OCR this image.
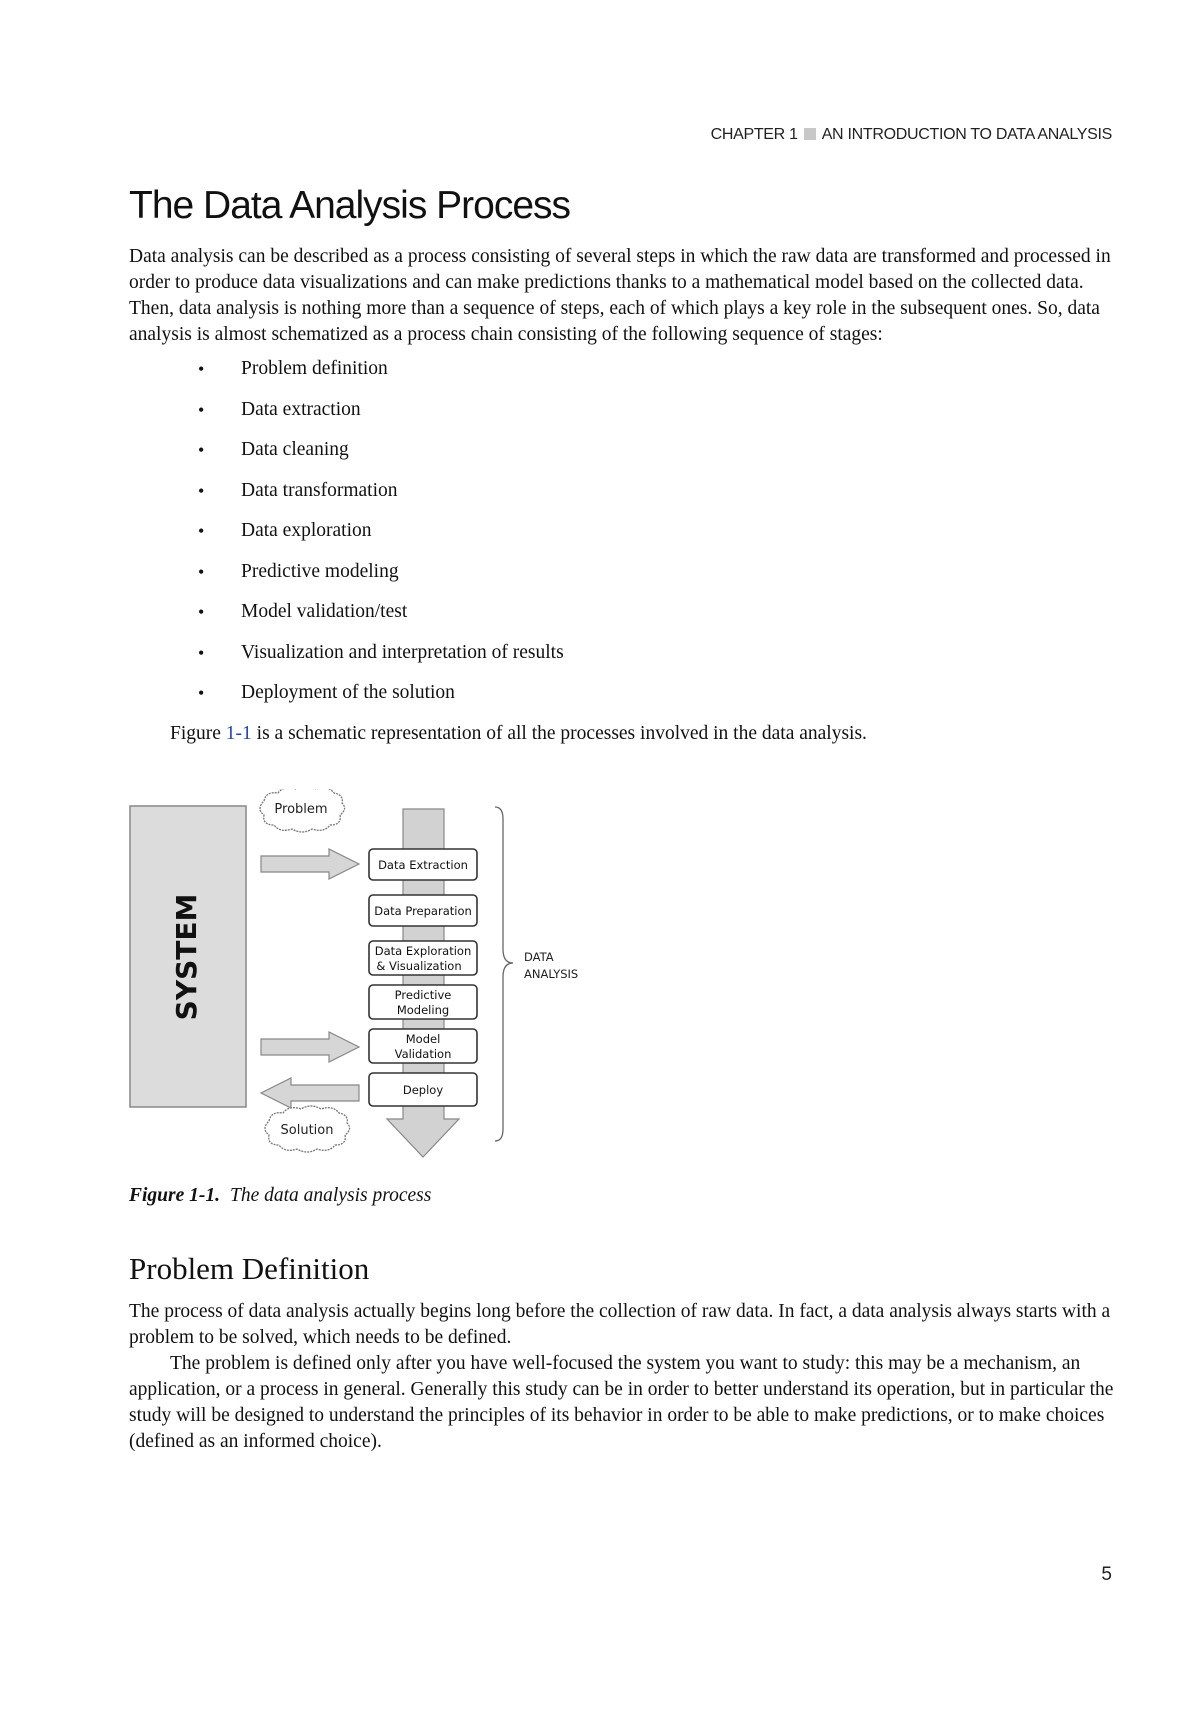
CHAPTER 1 AN INTRODUCTION TO DATA ANALYSIS
The Data Analysis Process

Data analysis can be described as a process consisting of several steps in which the raw data are transformed and processed in order to produce data visualizations and can make predictions thanks to a mathematical model based on the collected data. Then, data analysis is nothing more than a sequence of steps, each of which plays a key role in the subsequent ones. So, data analysis is almost schematized as a process chain consisting of the following sequence of stages:

• Problem definition
• Data extraction
• Data cleaning
• Data transformation
• Data exploration
• Predictive modeling
• Model validation/test
• Visualization and interpretation of results
• Deployment of the solution

Figure 1-1 is a schematic representation of all the processes involved in the data analysis.

SYSTEM
Problem
Solution
Data Extraction
Data Preparation
Data Exploration
& Visualization
Predictive
Modeling
Model
Validation
Deploy
DATA
ANALYSIS
Figure 1-1. The data analysis process
Problem Definition

The process of data analysis actually begins long before the collection of raw data. In fact, a data analysis always starts with a problem to be solved, which needs to be defined.

The problem is defined only after you have well-focused the system you want to study: this may be a mechanism, an application, or a process in general. Generally this study can be in order to better understand its operation, but in particular the study will be designed to understand the principles of its behavior in order to be able to make predictions, or to make choices (defined as an informed choice).

5
